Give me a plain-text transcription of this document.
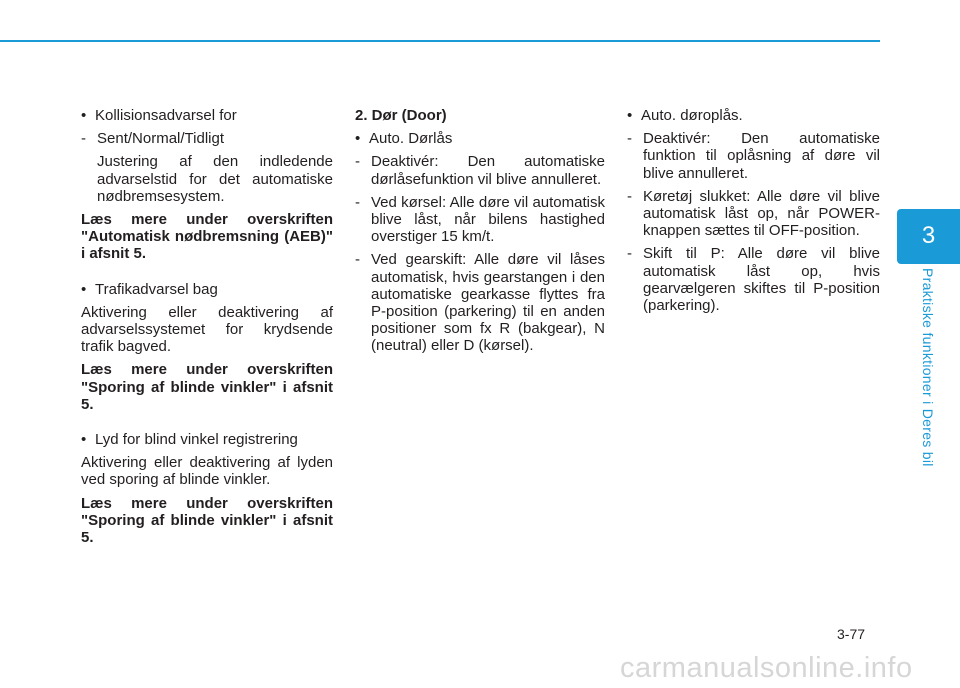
• Kollisionsadvarsel for
- Sent/Normal/Tidligt
Justering af den indledende advarselstid for det automatiske nødbremsesystem.
Læs mere under overskriften "Automatisk nødbremsning (AEB)" i afsnit 5.
• Trafikadvarsel bag
Aktivering eller deaktivering af advarselssystemet for krydsende trafik bagved.
Læs mere under overskriften "Sporing af blinde vinkler" i afsnit 5.
• Lyd for blind vinkel registrering
Aktivering eller deaktivering af lyden ved sporing af blinde vinkler.
Læs mere under overskriften "Sporing af blinde vinkler" i afsnit 5.
2. Dør (Door)
• Auto. Dørlås
- Deaktivér: Den automatiske dørlåsefunktion vil blive annulleret.
- Ved kørsel: Alle døre vil automatisk blive låst, når bilens hastighed overstiger 15 km/t.
- Ved gearskift: Alle døre vil låses automatisk, hvis gearstangen i den automatiske gearkasse flyttes fra P-position (parkering) til en anden positioner som fx R (bakgear), N (neutral) eller D (kørsel).
• Auto. døroplås.
- Deaktivér: Den automatiske funktion til oplåsning af døre vil blive annulleret.
- Køretøj slukket: Alle døre vil blive automatisk låst op, når POWER-knappen sættes til OFF-position.
- Skift til P: Alle døre vil blive automatisk låst op, hvis gearvælgeren skiftes til P-position (parkering).
3
Praktiske funktioner i Deres bil
3-77
carmanualsonline.info
